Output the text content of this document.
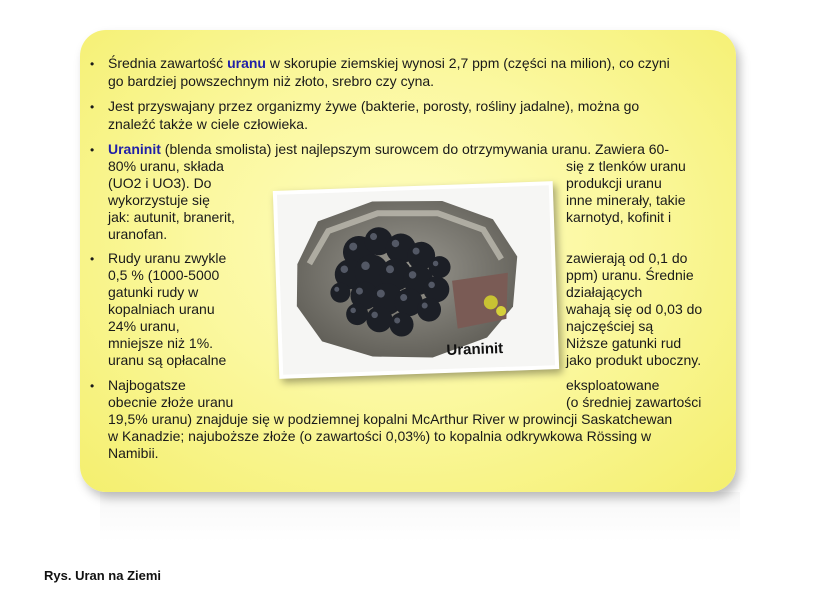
• Średnia zawartość uranu w skorupie ziemskiej wynosi 2,7 ppm (części na milion), co czyni
go bardziej powszechnym niż złoto, srebro czy cyna.
• Jest przyswajany przez organizmy żywe (bakterie, porosty, rośliny jadalne), można go
znaleźć także w ciele człowieka.
• Uraninit (blenda smolista) jest najlepszym surowcem do otrzymywania uranu. Zawiera 60-
80% uranu, składa
(UO2 i UO3). Do
wykorzystuje się
jak: autunit, branerit,
uranofan.
się z tlenków uranu
produkcji uranu
inne minerały, takie
karnotyd, kofinit i
• Rudy uranu zwykle
0,5 % (1000-5000
gatunki rudy w
kopalniach uranu
24% uranu,
mniejsze niż 1%.
uranu są opłacalne
zawierają od 0,1 do
ppm) uranu. Średnie
działających
wahają się od 0,03 do
najczęściej są
Niższe gatunki rud
jako produkt uboczny.
• Najbogatsze
obecnie złoże uranu
eksploatowane
(o średniej zawartości
19,5% uranu) znajduje się w podziemnej kopalni McArthur River w prowincji Saskatchewan
w Kanadzie; najuboższe złoże (o zawartości 0,03%) to kopalnia odkrywkowa Rössing w
Namibii.
Uraninit
Rys. Uran na Ziemi
